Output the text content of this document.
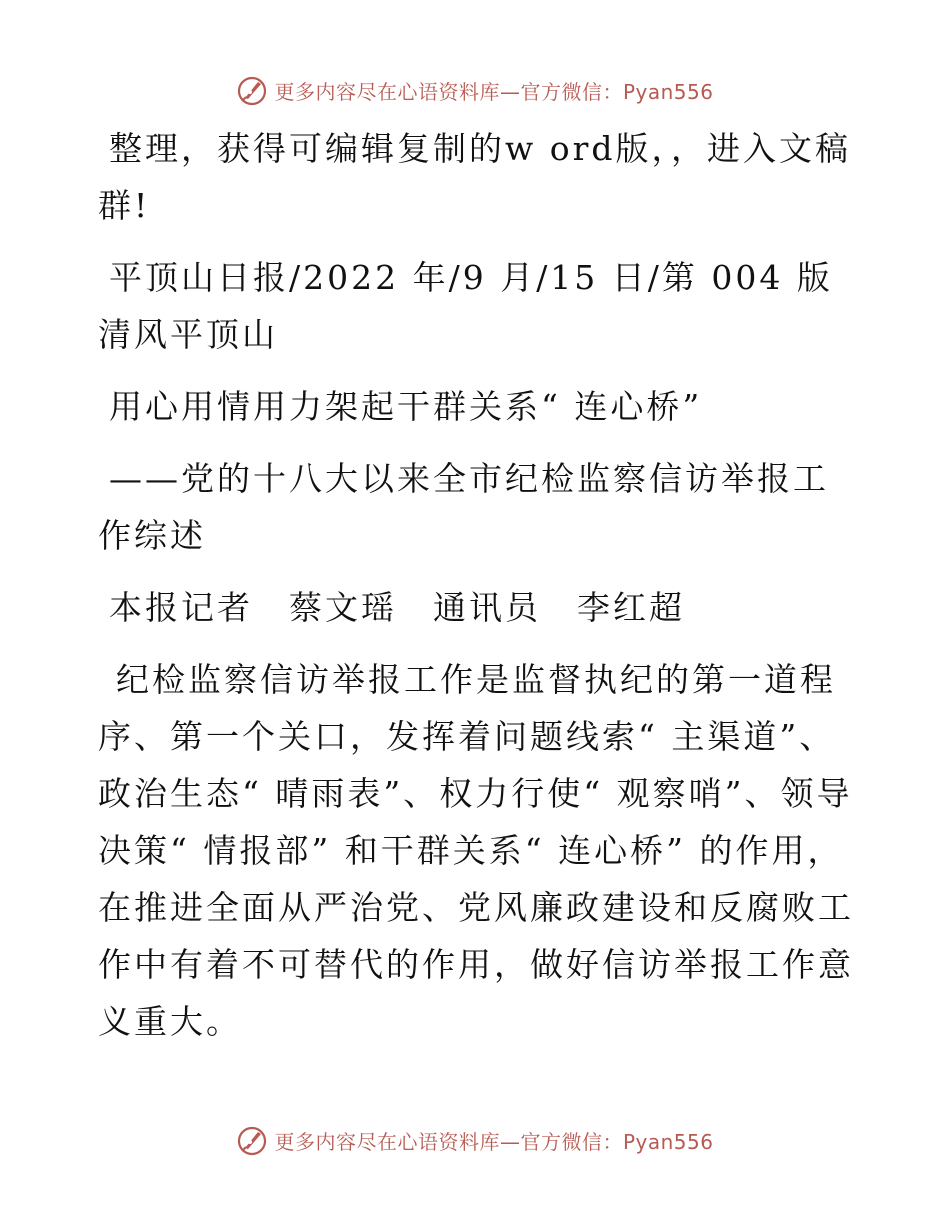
更多内容尽在心语资料库—官方微信：Pyan556

整理，获得可编辑复制的w ord版，，进入文稿群!

平顶山日报/2022 年/9 月/15 日/第 004 版清风平顶山

用心用情用力架起干群关系“ 连心桥”

——党的十八大以来全市纪检监察信访举报工作综述

本报记者　蔡文瑶　通讯员　李红超

纪检监察信访举报工作是监督执纪的第一道程序、第一个关口，发挥着问题线索“ 主渠道”、政治生态“ 晴雨表”、权力行使“ 观察哨”、领导决策“ 情报部” 和干群关系“ 连心桥” 的作用，在推进全面从严治党、党风廉政建设和反腐败工作中有着不可替代的作用，做好信访举报工作意义重大。

更多内容尽在心语资料库—官方微信：Pyan556
